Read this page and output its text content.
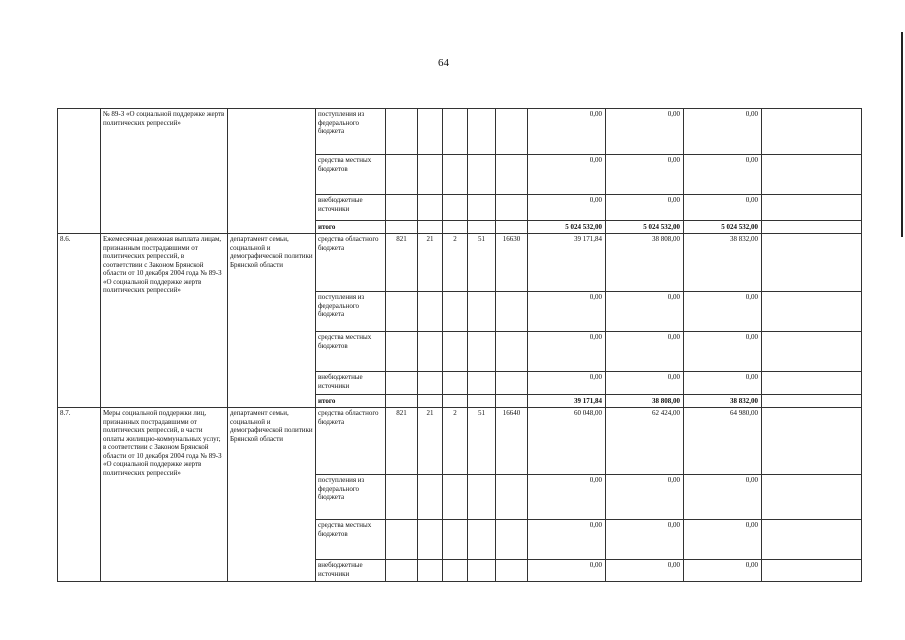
64
	№ 89-З «О социальной поддержке жертв политических репрессий»		поступления из федерального бюджета						0,00	0,00	0,00	
			средства местных бюджетов						0,00	0,00	0,00	
			внебюджетные источники						0,00	0,00	0,00	
			итого						5 024 532,00	5 024 532,00	5 024 532,00	
8.6.	Ежемесячная денежная выплата лицам, признанным пострадавшими от политических репрессий, в соответствии с Законом Брянской области от 10 декабря 2004 года № 89-З «О социальной поддержке жертв политических репрессий»	департамент семьи, социальной и демографической политики Брянской области	средства областного бюджета	821	21	2	51	16630	39 171,84	38 808,00	38 832,00	
			поступления из федерального бюджета						0,00	0,00	0,00	
			средства местных бюджетов						0,00	0,00	0,00	
			внебюджетные источники						0,00	0,00	0,00	
			итого						39 171,84	38 808,00	38 832,00	
8.7.	Меры социальной поддержки лиц, признанных пострадавшими от политических репрессий, в части оплаты жилищно-коммунальных услуг, в соответствии с Законом Брянской области от 10 декабря 2004 года № 89-З «О социальной поддержке жертв политических репрессий»	департамент семьи, социальной и демографической политики Брянской области	средства областного бюджета	821	21	2	51	16640	60 048,00	62 424,00	64 980,00	
			поступления из федерального бюджета						0,00	0,00	0,00	
			средства местных бюджетов						0,00	0,00	0,00	
			внебюджетные источники						0,00	0,00	0,00	
